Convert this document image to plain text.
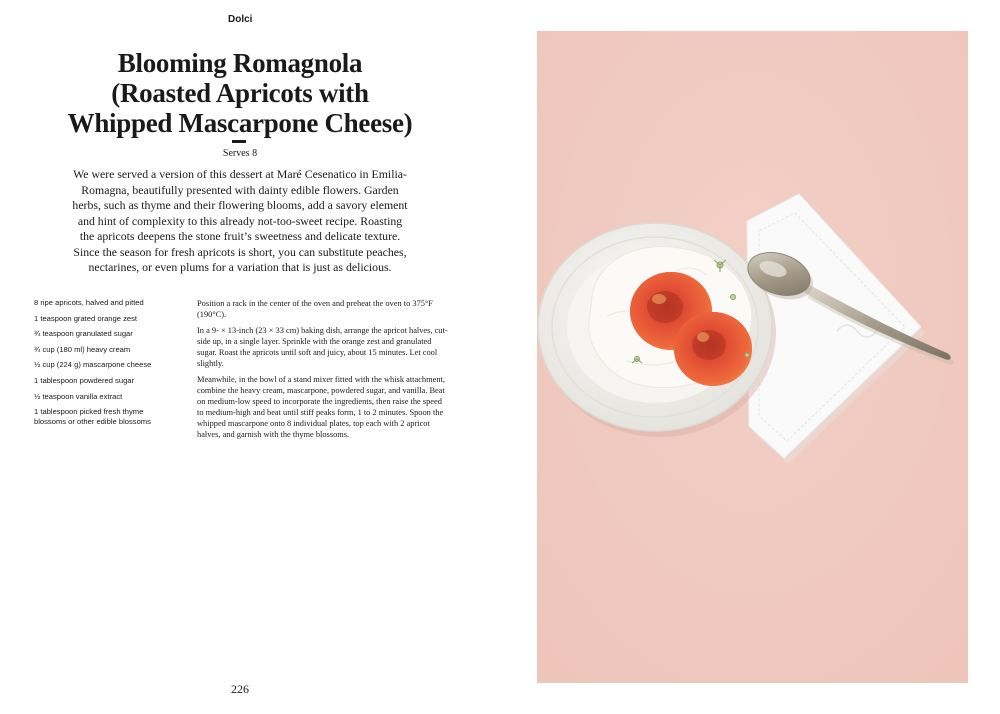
Dolci
Blooming Romagnola
(Roasted Apricots with
Whipped Mascarpone Cheese)
Serves 8

We were served a version of this dessert at Maré Cesenatico in Emilia-
Romagna, beautifully presented with dainty edible flowers. Garden
herbs, such as thyme and their flowering blooms, add a savory element
and hint of complexity to this already not-too-sweet recipe. Roasting
the apricots deepens the stone fruit’s sweetness and delicate texture.
Since the season for fresh apricots is short, you can substitute peaches,
nectarines, or even plums for a variation that is just as delicious.

8 ripe apricots, halved and pitted
1 teaspoon grated orange zest
¾ teaspoon granulated sugar
¾ cup (180 ml) heavy cream
½ cup (224 g) mascarpone cheese
1 tablespoon powdered sugar
½ teaspoon vanilla extract
1 tablespoon picked fresh thyme blossoms or other edible blossoms

Position a rack in the center of the oven and preheat the oven to 375°F (190°C).

In a 9- × 13-inch (23 × 33 cm) baking dish, arrange the apricot halves, cut-side up, in a single layer. Sprinkle with the orange zest and granulated sugar. Roast the apricots until soft and juicy, about 15 minutes. Let cool slightly.

Meanwhile, in the bowl of a stand mixer fitted with the whisk attachment, combine the heavy cream, mascarpone, powdered sugar, and vanilla. Beat on medium-low speed to incorporate the ingredients, then raise the speed to medium-high and beat until stiff peaks form, 1 to 2 minutes. Spoon the whipped mascarpone onto 8 individual plates, top each with 2 apricot halves, and garnish with the thyme blossoms.

226
